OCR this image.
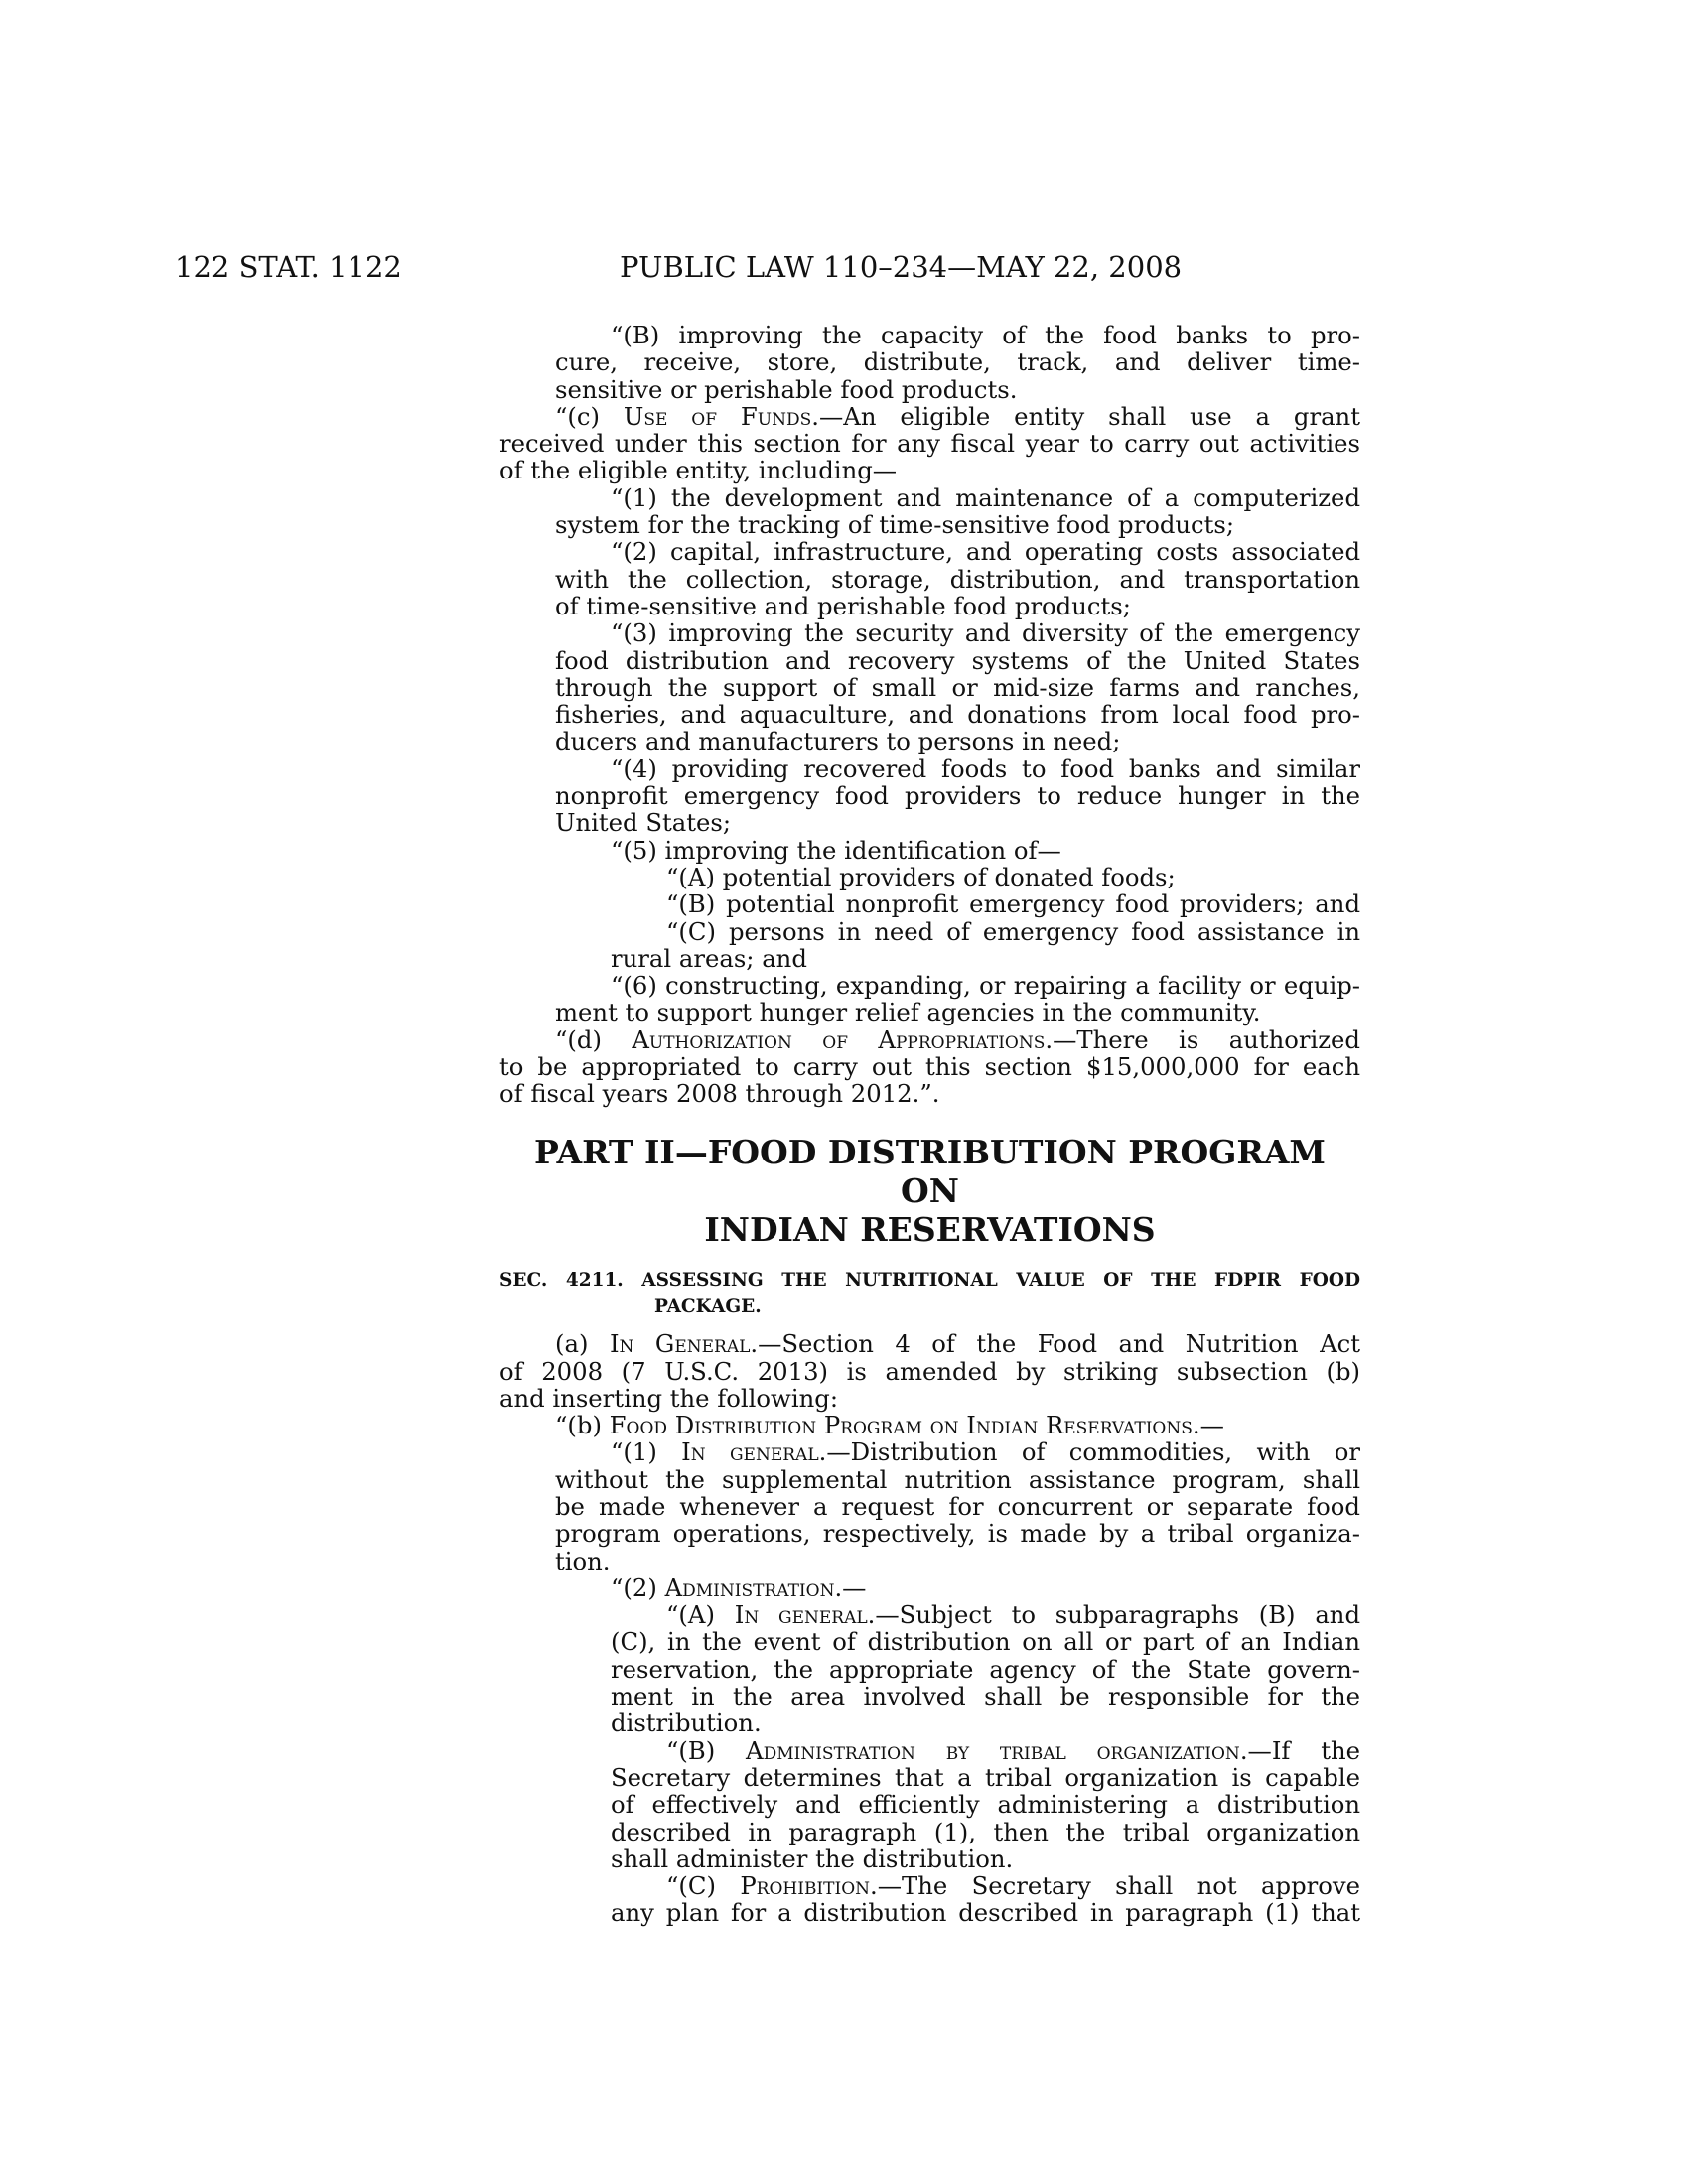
122 STAT. 1122	PUBLIC LAW 110–234—MAY 22, 2008
“(B) improving the capacity of the food banks to pro-
cure, receive, store, distribute, track, and deliver time-
sensitive or perishable food products.
“(c) Use of Funds.—An eligible entity shall use a grant
received under this section for any fiscal year to carry out activities
of the eligible entity, including—
“(1) the development and maintenance of a computerized
system for the tracking of time-sensitive food products;
“(2) capital, infrastructure, and operating costs associated
with the collection, storage, distribution, and transportation
of time-sensitive and perishable food products;
“(3) improving the security and diversity of the emergency
food distribution and recovery systems of the United States
through the support of small or mid-size farms and ranches,
fisheries, and aquaculture, and donations from local food pro-
ducers and manufacturers to persons in need;
“(4) providing recovered foods to food banks and similar
nonprofit emergency food providers to reduce hunger in the
United States;
“(5) improving the identification of—
“(A) potential providers of donated foods;
“(B) potential nonprofit emergency food providers; and
“(C) persons in need of emergency food assistance in
rural areas; and
“(6) constructing, expanding, or repairing a facility or equip-
ment to support hunger relief agencies in the community.
“(d) Authorization of Appropriations.—There is authorized
to be appropriated to carry out this section $15,000,000 for each
of fiscal years 2008 through 2012.”.
PART II—FOOD DISTRIBUTION PROGRAM ON
INDIAN RESERVATIONS
SEC. 4211. ASSESSING THE NUTRITIONAL VALUE OF THE FDPIR FOOD
PACKAGE.
(a) In General.—Section 4 of the Food and Nutrition Act
of 2008 (7 U.S.C. 2013) is amended by striking subsection (b)
and inserting the following:
“(b) Food Distribution Program on Indian Reservations.—
“(1) In general.—Distribution of commodities, with or
without the supplemental nutrition assistance program, shall
be made whenever a request for concurrent or separate food
program operations, respectively, is made by a tribal organiza-
tion.
“(2) Administration.—
“(A) In general.—Subject to subparagraphs (B) and
(C), in the event of distribution on all or part of an Indian
reservation, the appropriate agency of the State govern-
ment in the area involved shall be responsible for the
distribution.
“(B) Administration by tribal organization.—If the
Secretary determines that a tribal organization is capable
of effectively and efficiently administering a distribution
described in paragraph (1), then the tribal organization
shall administer the distribution.
“(C) Prohibition.—The Secretary shall not approve
any plan for a distribution described in paragraph (1) that
